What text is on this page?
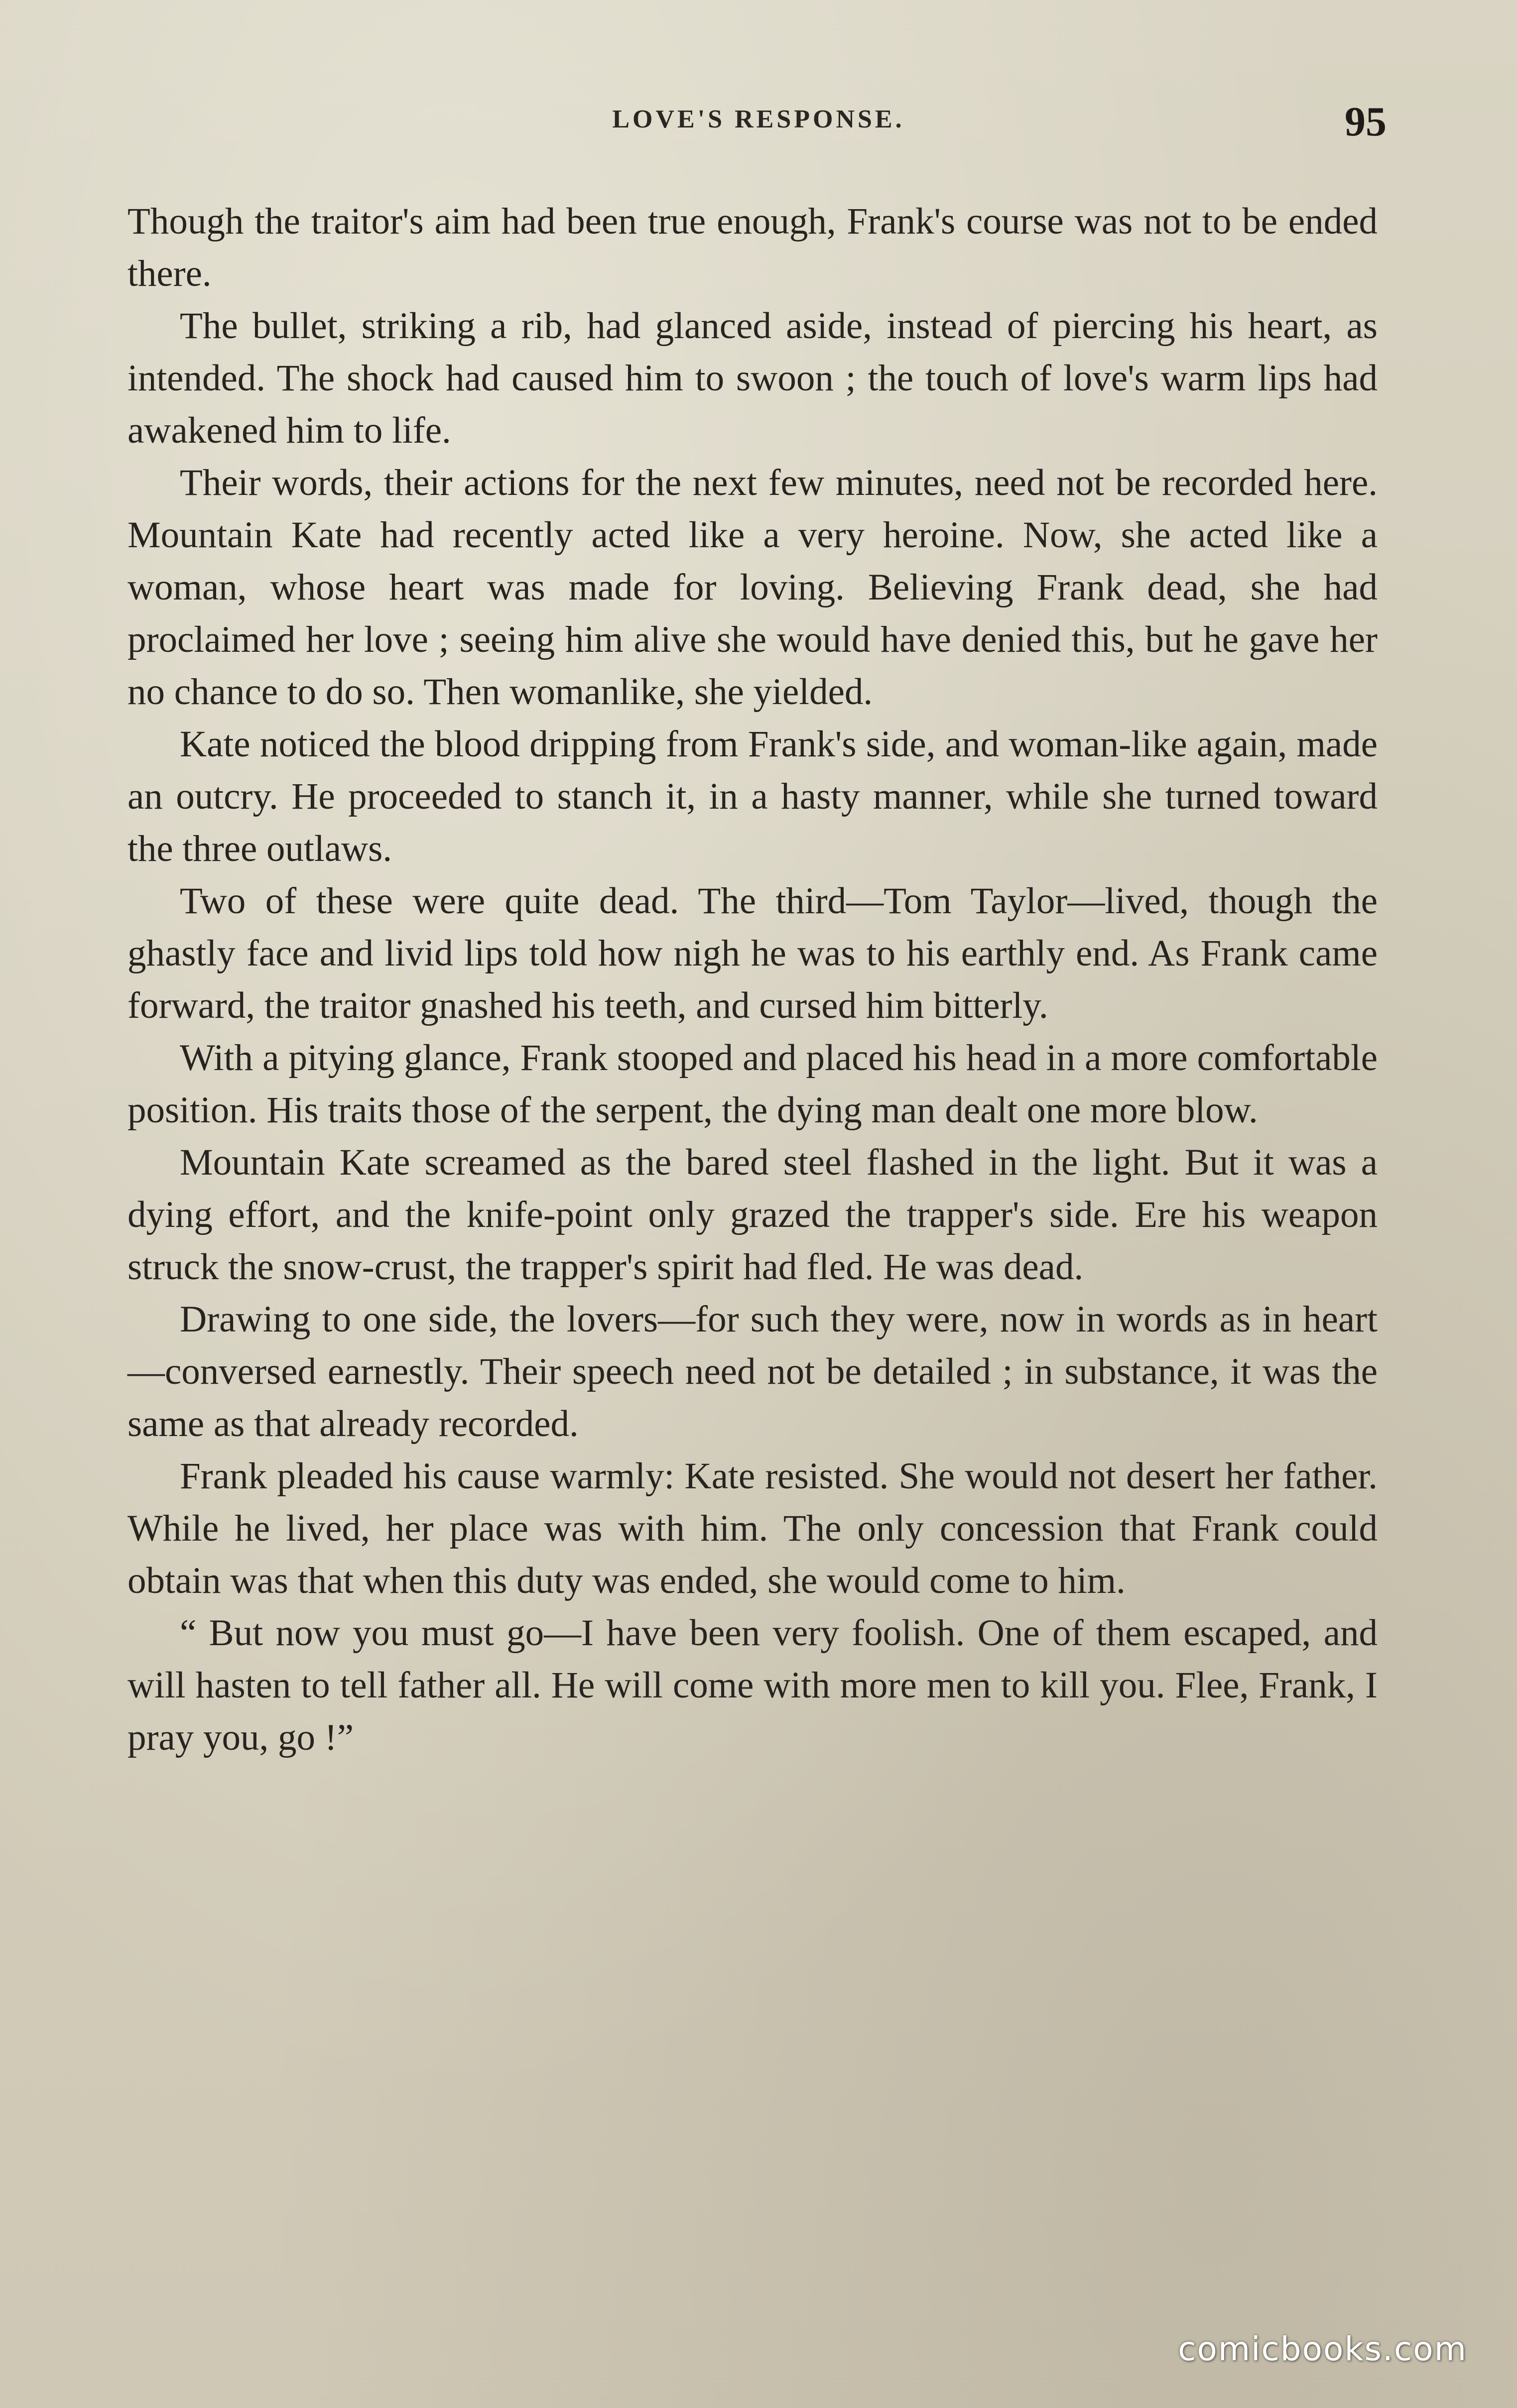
LOVE'S RESPONSE.	95

Though the traitor's aim had been true enough, Frank's course was not to be ended there.

The bullet, striking a rib, had glanced aside, instead of piercing his heart, as intended. The shock had caused him to swoon ; the touch of love's warm lips had awakened him to life.

Their words, their actions for the next few minutes, need not be recorded here. Mountain Kate had recently acted like a very heroine. Now, she acted like a woman, whose heart was made for loving. Believing Frank dead, she had proclaimed her love ; seeing him alive she would have denied this, but he gave her no chance to do so. Then womanlike, she yielded.

Kate noticed the blood dripping from Frank's side, and woman-like again, made an outcry. He proceeded to stanch it, in a hasty manner, while she turned toward the three outlaws.

Two of these were quite dead. The third—Tom Taylor—lived, though the ghastly face and livid lips told how nigh he was to his earthly end. As Frank came forward, the traitor gnashed his teeth, and cursed him bitterly.

With a pitying glance, Frank stooped and placed his head in a more comfortable position. His traits those of the serpent, the dying man dealt one more blow.

Mountain Kate screamed as the bared steel flashed in the light. But it was a dying effort, and the knife-point only grazed the trapper's side. Ere his weapon struck the snow-crust, the trapper's spirit had fled. He was dead.

Drawing to one side, the lovers—for such they were, now in words as in heart—conversed earnestly. Their speech need not be detailed ; in substance, it was the same as that already recorded.

Frank pleaded his cause warmly: Kate resisted. She would not desert her father. While he lived, her place was with him. The only concession that Frank could obtain was that when this duty was ended, she would come to him.

“ But now you must go—I have been very foolish. One of them escaped, and will hasten to tell father all. He will come with more men to kill you. Flee, Frank, I pray you, go !”

comicbooks.com
